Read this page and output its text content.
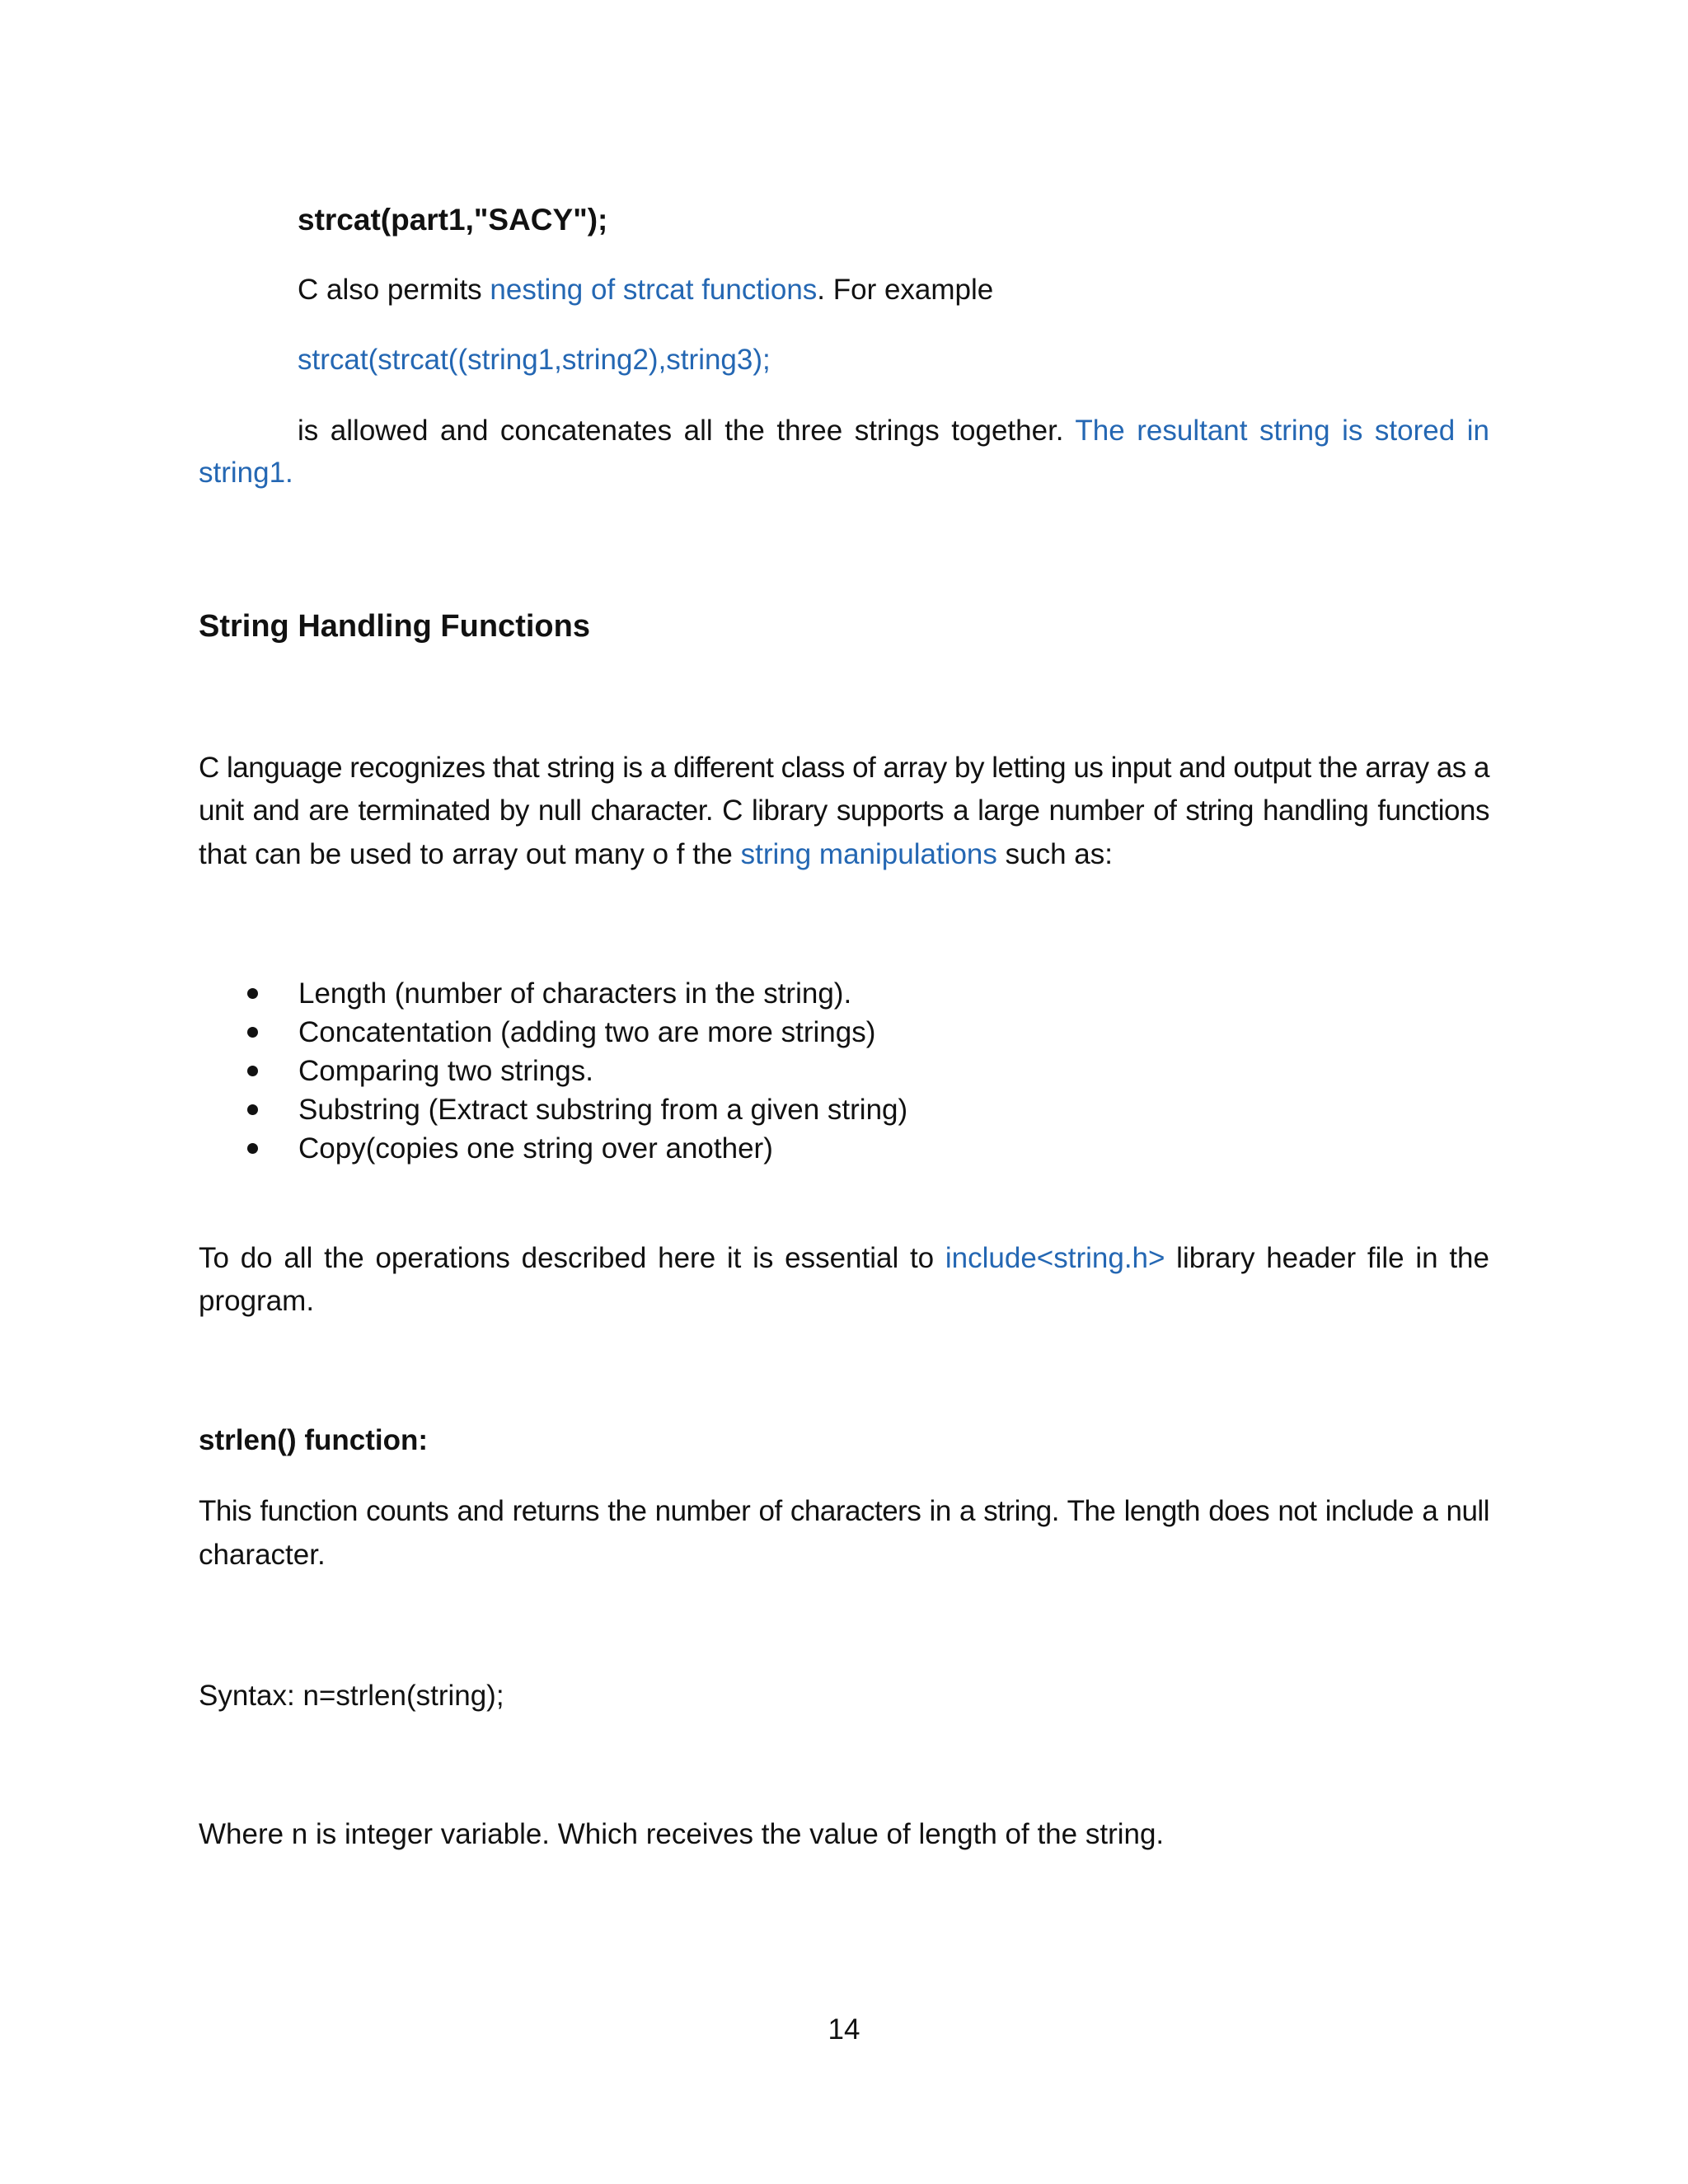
strcat(part1,"SACY");
C also permits nesting of strcat functions. For example
strcat(strcat((string1,string2),string3);
is allowed and concatenates all the three strings together. The resultant string is stored in
string1.
String Handling Functions
C language recognizes that string is a different class of array by letting us input and output the array as a
unit and are terminated by null character. C library supports a large number of string handling functions
that can be used to array out many o f the string manipulations such as:
Length (number of characters in the string).
Concatentation (adding two are more strings)
Comparing two strings.
Substring (Extract substring from a given string)
Copy(copies one string over another)
To do all the operations described here it is essential to include<string.h> library header file in the
program.
strlen() function:
This function counts and returns the number of characters in a string. The length does not include a null
character.
Syntax: n=strlen(string);
Where n is integer variable. Which receives the value of length of the string.
14
